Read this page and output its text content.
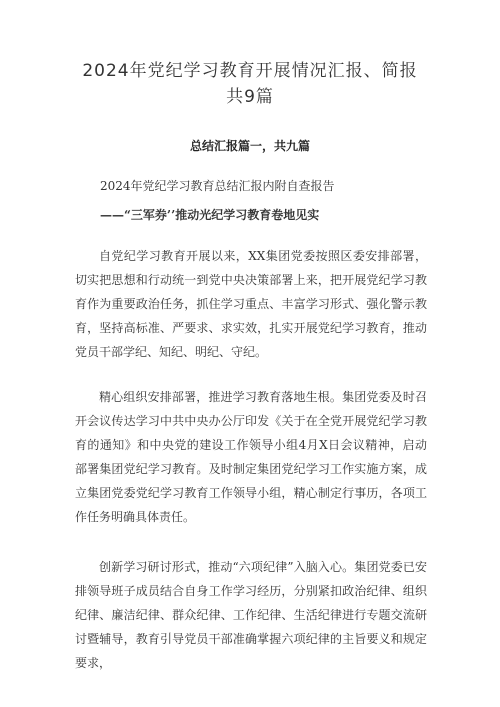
2024年党纪学习教育开展情况汇报、简报
共9篇
总结汇报篇一，共九篇
2024年党纪学习教育总结汇报内附自查报告
——“三军券’’推动光纪学习教育卷地见实

自党纪学习教育开展以来，XX集团党委按照区委安排部署，切实把思想和行动统一到党中央决策部署上来，把开展党纪学习教育作为重要政治任务，抓住学习重点、丰富学习形式、强化警示教育，坚持高标准、严要求、求实效，扎实开展党纪学习教育，推动党员干部学纪、知纪、明纪、守纪。

精心组织安排部署，推进学习教育落地生根。集团党委及时召开会议传达学习中共中央办公厅印发《关于在全党开展党纪学习教育的通知》和中央党的建设工作领导小组4月X日会议精神，启动部署集团党纪学习教育。及时制定集团党纪学习工作实施方案，成立集团党委党纪学习教育工作领导小组，精心制定行事历，各项工作任务明确具体责任。

创新学习研讨形式，推动“六项纪律”入脑入心。集团党委已安排领导班子成员结合自身工作学习经历，分别紧扣政治纪律、组织纪律、廉洁纪律、群众纪律、工作纪律、生活纪律进行专题交流研讨暨辅导，教育引导党员干部准确掌握六项纪律的主旨要义和规定要求，
